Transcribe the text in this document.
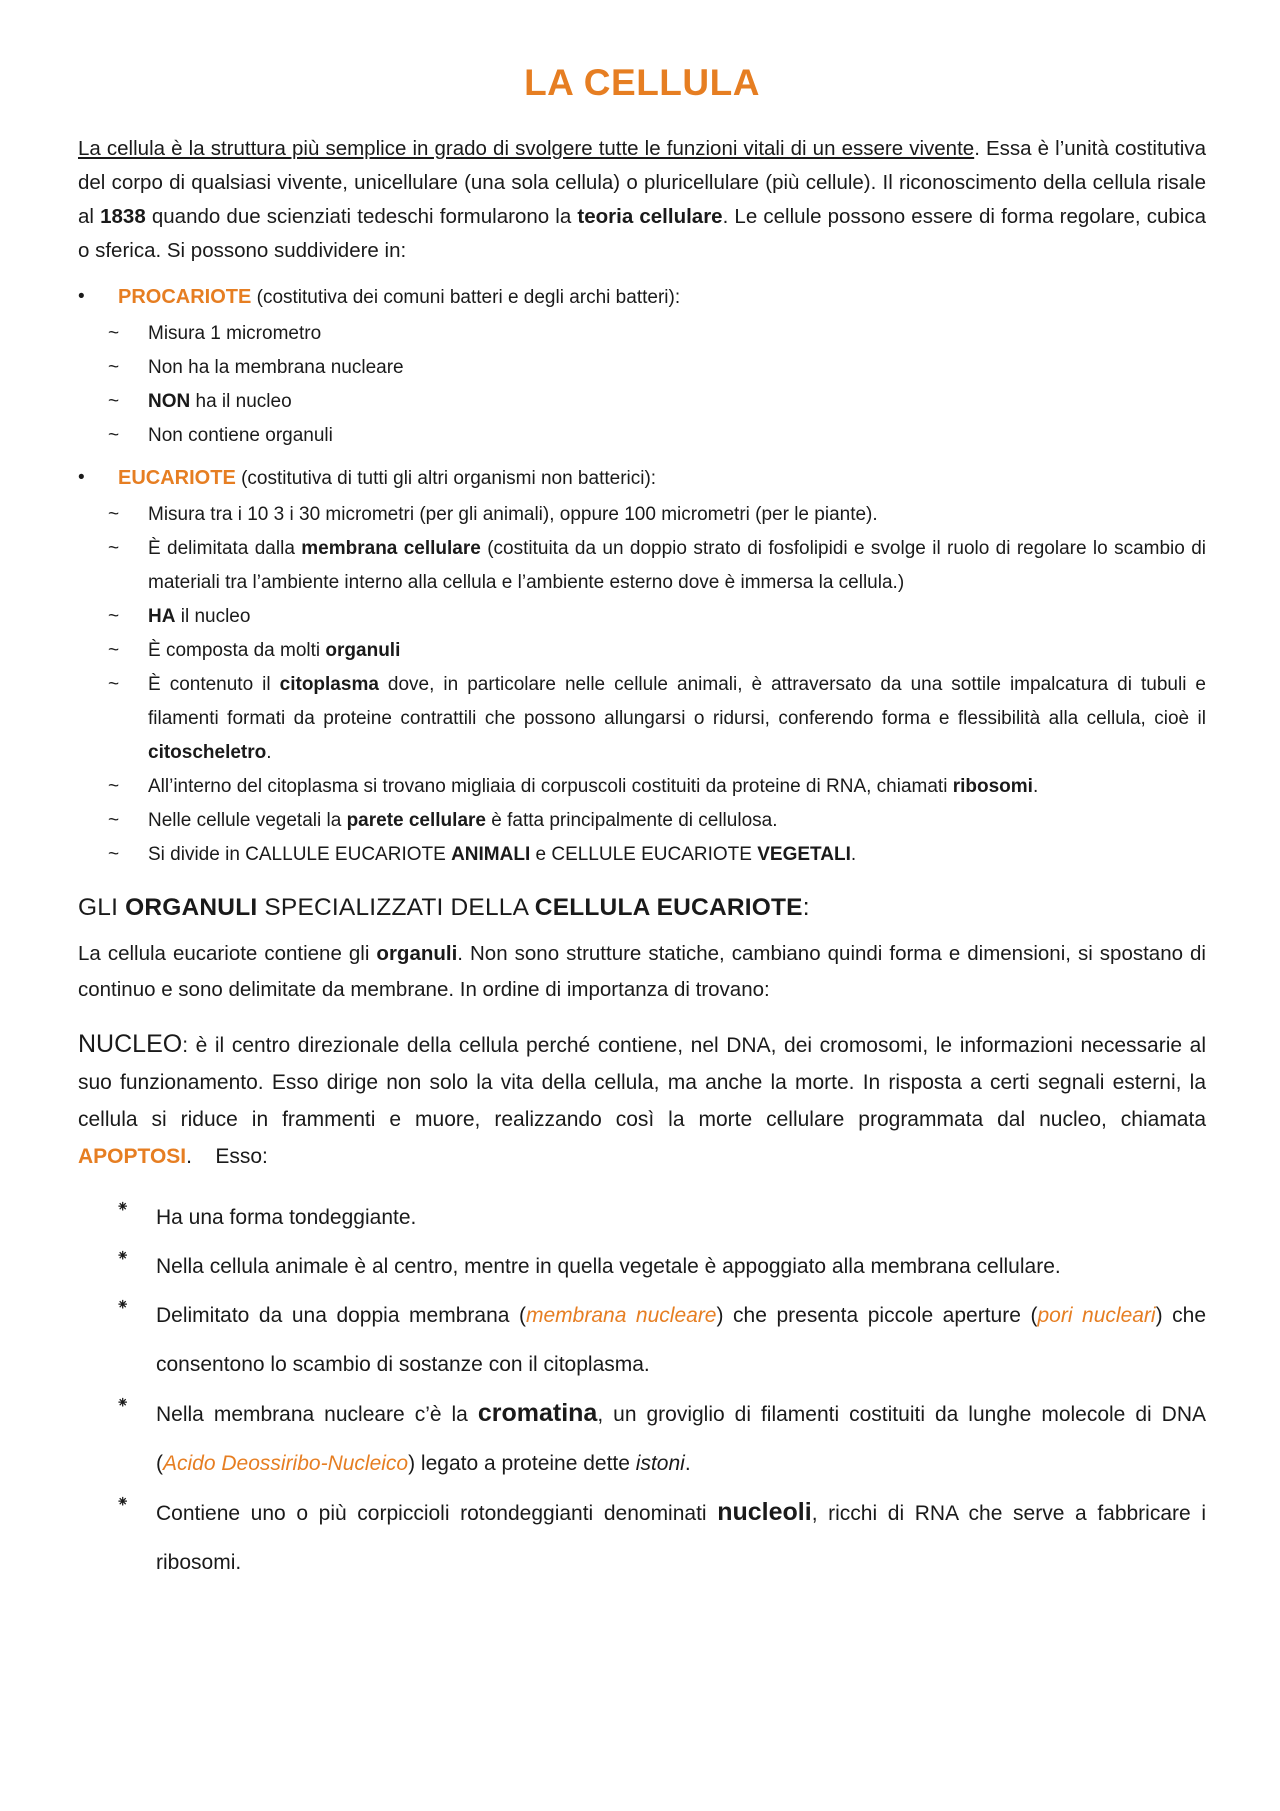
LA CELLULA

La cellula è la struttura più semplice in grado di svolgere tutte le funzioni vitali di un essere vivente. Essa è l’unità costitutiva del corpo di qualsiasi vivente, unicellulare (una sola cellula) o pluricellulare (più cellule). Il riconoscimento della cellula risale al 1838 quando due scienziati tedeschi formularono la teoria cellulare. Le cellule possono essere di forma regolare, cubica o sferica. Si possono suddividere in:

•	PROCARIOTE (costitutiva dei comuni batteri e degli archi batteri):
~	Misura 1 micrometro
~	Non ha la membrana nucleare
~	NON ha il nucleo
~	Non contiene organuli
•	EUCARIOTE (costitutiva di tutti gli altri organismi non batterici):
~	Misura tra i 10 3 i 30 micrometri (per gli animali), oppure 100 micrometri (per le piante).
~	È delimitata dalla membrana cellulare (costituita da un doppio strato di fosfolipidi e svolge il ruolo di regolare lo scambio di materiali tra l’ambiente interno alla cellula e l’ambiente esterno dove è immersa la cellula.)
~	HA il nucleo
~	È composta da molti organuli
~	È contenuto il citoplasma dove, in particolare nelle cellule animali, è attraversato da una sottile impalcatura di tubuli e filamenti formati da proteine contrattili che possono allungarsi o ridursi, conferendo forma e flessibilità alla cellula, cioè il citoscheletro.
~	All’interno del citoplasma si trovano migliaia di corpuscoli costituiti da proteine di RNA, chiamati ribosomi.
~	Nelle cellule vegetali la parete cellulare è fatta principalmente di cellulosa.
~	Si divide in CALLULE EUCARIOTE ANIMALI e CELLULE EUCARIOTE VEGETALI.
GLI ORGANULI SPECIALIZZATI DELLA CELLULA EUCARIOTE:

La cellula eucariote contiene gli organuli. Non sono strutture statiche, cambiano quindi forma e dimensioni, si spostano di continuo e sono delimitate da membrane. In ordine di importanza di trovano:

NUCLEO: è il centro direzionale della cellula perché contiene, nel DNA, dei cromosomi, le informazioni necessarie al suo funzionamento. Esso dirige non solo la vita della cellula, ma anche la morte. In risposta a certi segnali esterni, la cellula si riduce in frammenti e muore, realizzando così la morte cellulare programmata dal nucleo, chiamata APOPTOSI.    Esso:

⁕	Ha una forma tondeggiante.
⁕	Nella cellula animale è al centro, mentre in quella vegetale è appoggiato alla membrana cellulare.
⁕	Delimitato da una doppia membrana (membrana nucleare) che presenta piccole aperture (pori nucleari) che consentono lo scambio di sostanze con il citoplasma.
⁕	Nella membrana nucleare c’è la cromatina, un groviglio di filamenti costituiti da lunghe molecole di DNA (Acido Deossiribo-Nucleico) legato a proteine dette istoni.
⁕	Contiene uno o più corpiccioli rotondeggianti denominati nucleoli, ricchi di RNA che serve a fabbricare i ribosomi.
